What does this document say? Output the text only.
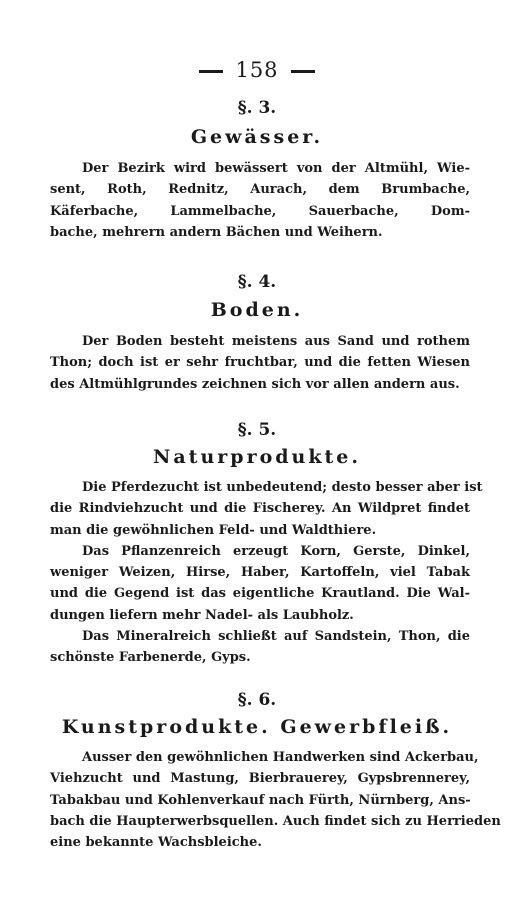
158
§. 3.
Gewässer.
Der Bezirk wird bewässert von der Altmühl, Wie-
sent, Roth, Rednitz, Aurach, dem Brumbache,
Käferbache, Lammelbache, Sauerbache, Dom-
bache, mehrern andern Bächen und Weihern.
§. 4.
Boden.
Der Boden besteht meistens aus Sand und rothem
Thon; doch ist er sehr fruchtbar, und die fetten Wiesen
des Altmühlgrundes zeichnen sich vor allen andern aus.
§. 5.
Naturprodukte.
Die Pferdezucht ist unbedeutend; desto besser aber ist
die Rindviehzucht und die Fischerey. An Wildpret findet
man die gewöhnlichen Feld- und Waldthiere.
Das Pflanzenreich erzeugt Korn, Gerste, Dinkel,
weniger Weizen, Hirse, Haber, Kartoffeln, viel Tabak
und die Gegend ist das eigentliche Krautland. Die Wal-
dungen liefern mehr Nadel- als Laubholz.
Das Mineralreich schließt auf Sandstein, Thon, die
schönste Farbenerde, Gyps.
§. 6.
Kunstprodukte. Gewerbfleiß.
Ausser den gewöhnlichen Handwerken sind Ackerbau,
Viehzucht und Mastung, Bierbrauerey, Gypsbrennerey,
Tabakbau und Kohlenverkauf nach Fürth, Nürnberg, Ans-
bach die Haupterwerbsquellen. Auch findet sich zu Herrieden
eine bekannte Wachsbleiche.
